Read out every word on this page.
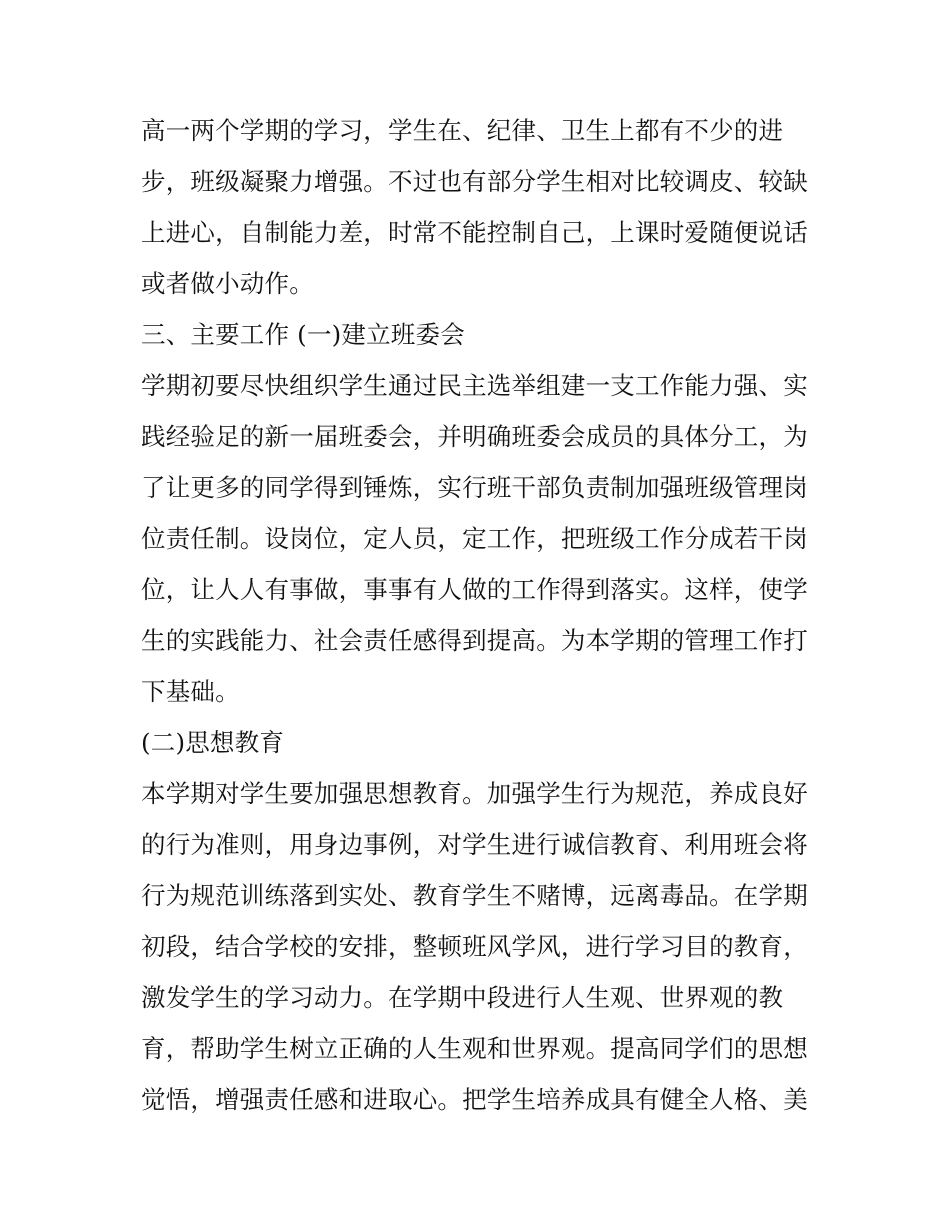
高一两个学期的学习，学生在、纪律、卫生上都有不少的进
步，班级凝聚力增强。不过也有部分学生相对比较调皮、较缺
上进心，自制能力差，时常不能控制自己，上课时爱随便说话
或者做小动作。
三、主要工作 (一)建立班委会
学期初要尽快组织学生通过民主选举组建一支工作能力强、实
践经验足的新一届班委会，并明确班委会成员的具体分工，为
了让更多的同学得到锤炼，实行班干部负责制加强班级管理岗
位责任制。设岗位，定人员，定工作，把班级工作分成若干岗
位，让人人有事做，事事有人做的工作得到落实。这样，使学
生的实践能力、社会责任感得到提高。为本学期的管理工作打
下基础。
(二)思想教育
本学期对学生要加强思想教育。加强学生行为规范，养成良好
的行为准则，用身边事例，对学生进行诚信教育、利用班会将
行为规范训练落到实处、教育学生不赌博，远离毒品。在学期
初段，结合学校的安排，整顿班风学风，进行学习目的教育，
激发学生的学习动力。在学期中段进行人生观、世界观的教
育，帮助学生树立正确的人生观和世界观。提高同学们的思想
觉悟，增强责任感和进取心。把学生培养成具有健全人格、美
